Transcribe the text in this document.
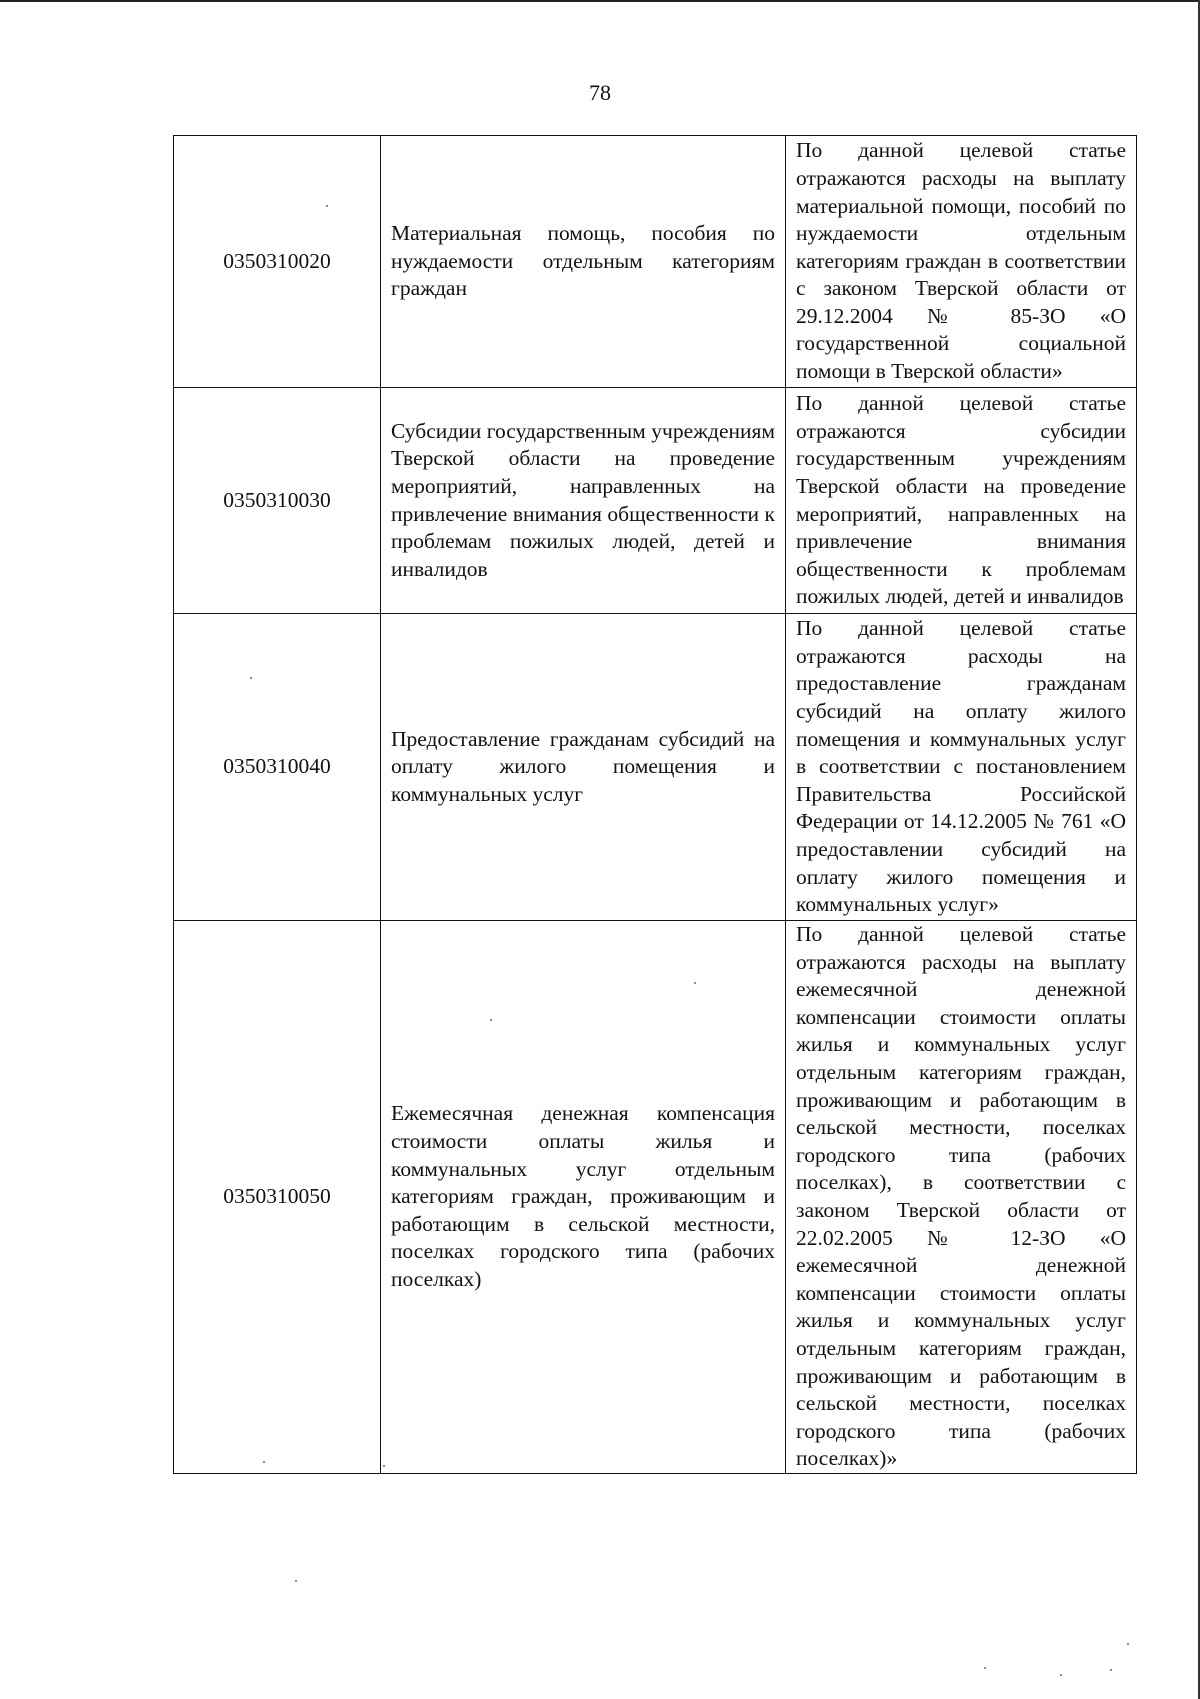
78
0350310020	Материальная помощь, пособия по нуждаемости отдельным категориям граждан	По данной целевой статье отражаются расходы на выплату материальной помощи, пособий по нуждаемости отдельным категориям граждан в соответствии с законом Тверской области от 29.12.2004 № 85-ЗО «О государственной социальной помощи в Тверской области»
0350310030	Субсидии государственным учреждениям Тверской области на проведение мероприятий, направленных на привлечение внимания общественности к проблемам пожилых людей, детей и инвалидов	По данной целевой статье отражаются субсидии государственным учреждениям Тверской области на проведение мероприятий, направленных на привлечение внимания общественности к проблемам пожилых людей, детей и инвалидов
0350310040	Предоставление гражданам субсидий на оплату жилого помещения и коммунальных услуг	По данной целевой статье отражаются расходы на предоставление гражданам субсидий на оплату жилого помещения и коммунальных услуг в соответствии с постановлением Правительства Российской Федерации от 14.12.2005 № 761 «О предоставлении субсидий на оплату жилого помещения и коммунальных услуг»
0350310050	Ежемесячная денежная компенсация стоимости оплаты жилья и коммунальных услуг отдельным категориям граждан, проживающим и работающим в сельской местности, поселках городского типа (рабочих поселках)	По данной целевой статье отражаются расходы на выплату ежемесячной денежной компенсации стоимости оплаты жилья и коммунальных услуг отдельным категориям граждан, проживающим и работающим в сельской местности, поселках городского типа (рабочих поселках), в соответствии с законом Тверской области от 22.02.2005 № 12-ЗО «О ежемесячной денежной компенсации стоимости оплаты жилья и коммунальных услуг отдельным категориям граждан, проживающим и работающим в сельской местности, поселках городского типа (рабочих поселках)»
